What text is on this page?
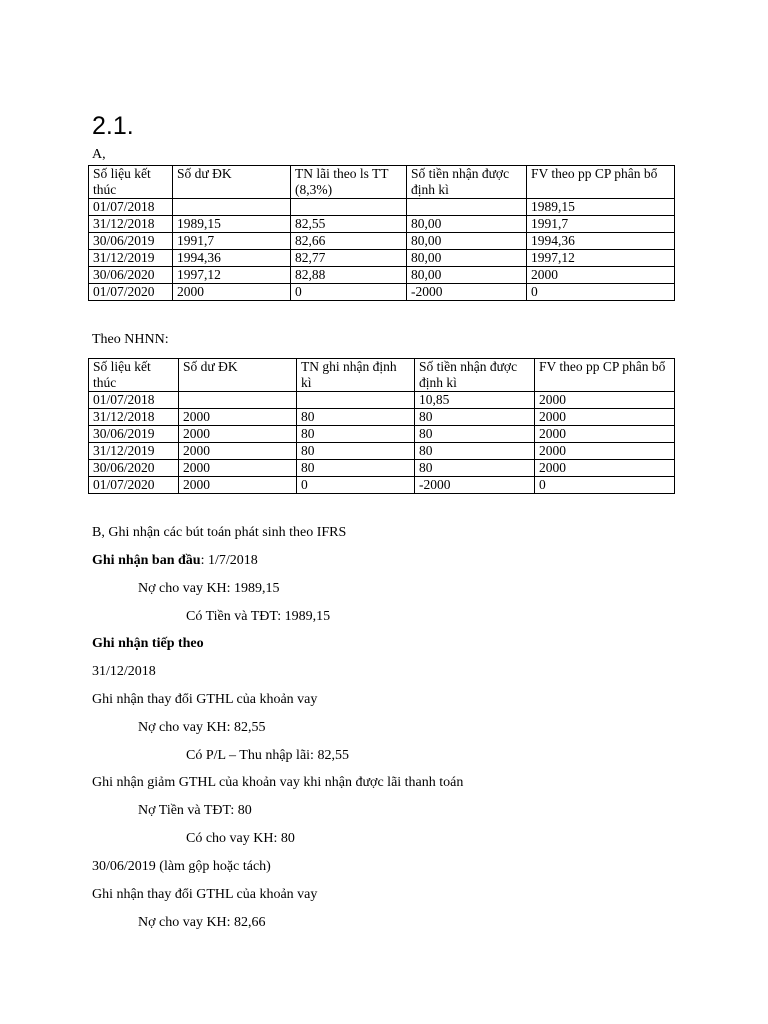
2.1.
A,
Số liệu kết thúc	Số dư ĐK	TN lãi theo ls TT (8,3%)	Số tiền nhận được định kì	FV theo pp CP phân bổ
01/07/2018				1989,15
31/12/2018	1989,15	82,55	80,00	1991,7
30/06/2019	1991,7	82,66	80,00	1994,36
31/12/2019	1994,36	82,77	80,00	1997,12
30/06/2020	1997,12	82,88	80,00	2000
01/07/2020	2000	0	-2000	0
Theo NHNN:
Số liệu kết thúc	Số dư ĐK	TN ghi nhận định kì	Số tiền nhận được định kì	FV theo pp CP phân bổ
01/07/2018			10,85	2000
31/12/2018	2000	80	80	2000
30/06/2019	2000	80	80	2000
31/12/2019	2000	80	80	2000
30/06/2020	2000	80	80	2000
01/07/2020	2000	0	-2000	0
B, Ghi nhận các bút toán phát sinh theo IFRS
Ghi nhận ban đầu: 1/7/2018
Nợ cho vay KH: 1989,15
Có Tiền và TĐT: 1989,15
Ghi nhận tiếp theo
31/12/2018
Ghi nhận thay đổi GTHL của khoản vay
Nợ cho vay KH: 82,55
Có P/L – Thu nhập lãi: 82,55
Ghi nhận giảm GTHL của khoản vay khi nhận được lãi thanh toán
Nợ Tiền và TĐT: 80
Có cho vay KH: 80
30/06/2019 (làm gộp hoặc tách)
Ghi nhận thay đổi GTHL của khoản vay
Nợ cho vay KH: 82,66
